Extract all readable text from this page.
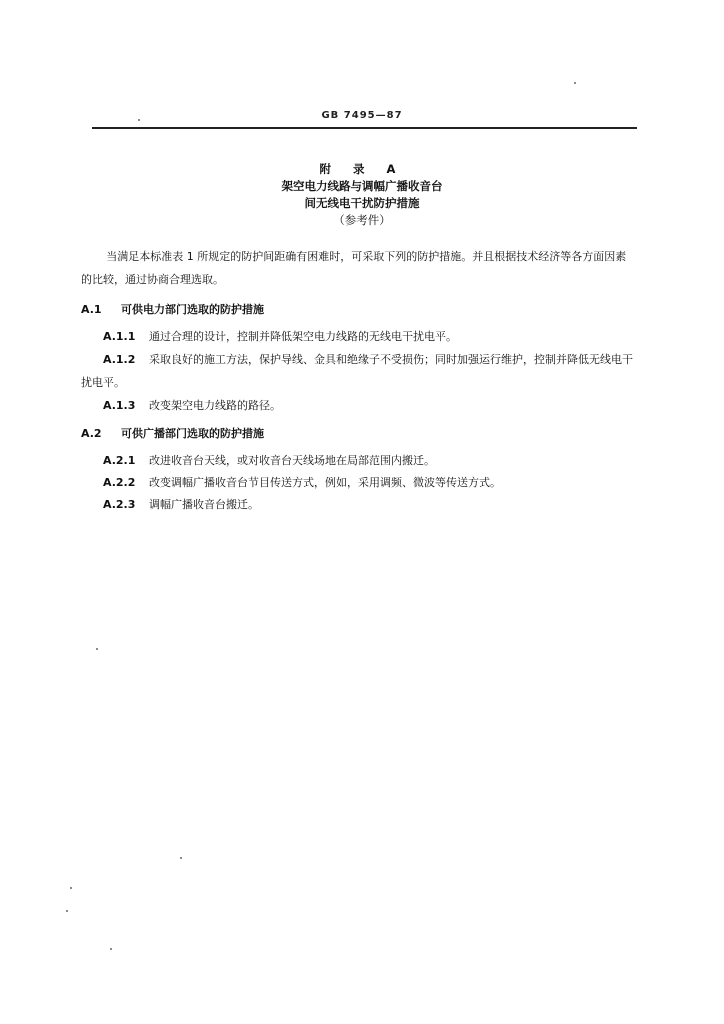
GB 7495—87
附 录 A
架空电力线路与调幅广播收音台
间无线电干扰防护措施
（参考件）
当满足本标准表 1 所规定的防护间距确有困难时，可采取下列的防护措施。并且根据技术经济等各方面因素的比较，通过协商合理选取。
A.1 可供电力部门选取的防护措施
A.1.1 通过合理的设计，控制并降低架空电力线路的无线电干扰电平。
A.1.2 采取良好的施工方法，保护导线、金具和绝缘子不受损伤；同时加强运行维护，控制并降低无线电干扰电平。
A.1.3 改变架空电力线路的路径。
A.2 可供广播部门选取的防护措施
A.2.1 改进收音台天线，或对收音台天线场地在局部范围内搬迁。
A.2.2 改变调幅广播收音台节目传送方式，例如，采用调频、微波等传送方式。
A.2.3 调幅广播收音台搬迁。
